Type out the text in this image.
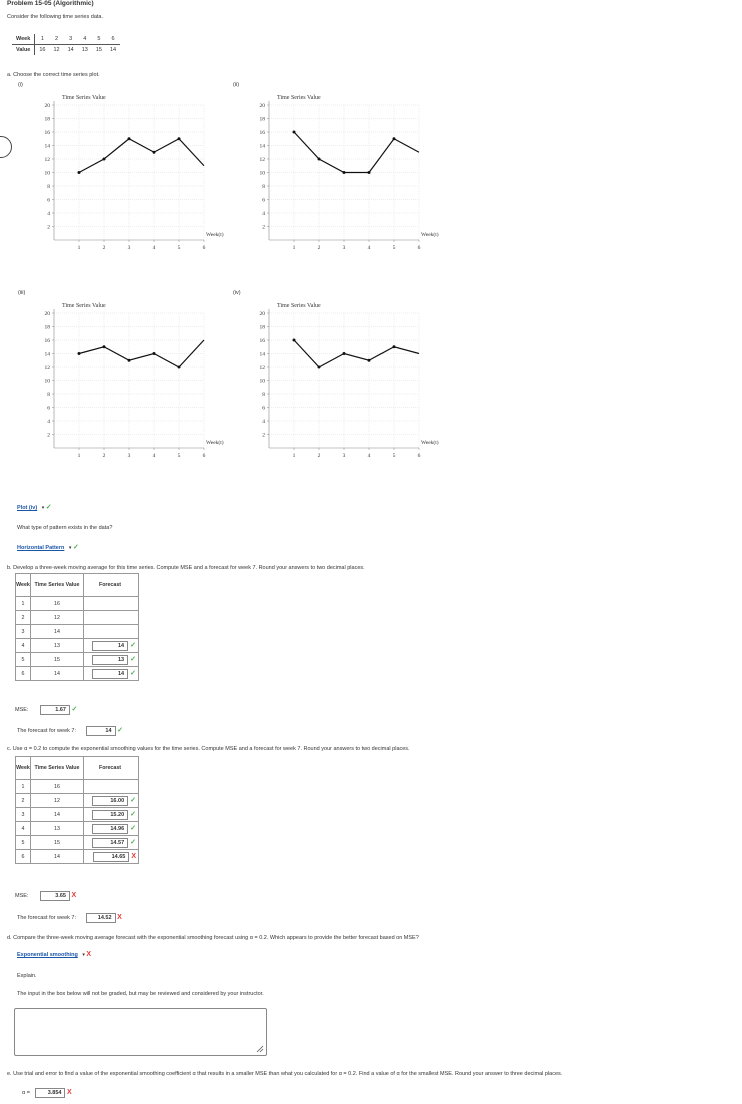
Problem 15-05 (Algorithmic)
Consider the following time series data.
Week	1	2	3	4	5	6
Value	16	12	14	13	15	14
a. Choose the correct time series plot.
(i)	(ii)
(iii)	(iv)
2
4
6
8
10
12
14
16
18
20
1	2	3	4	5	6
Time Series Value
Week(t)
2
4
6
8
10
12
14
16
18
20
1	2	3	4	5	6
Time Series Value
Week(t)
2
4
6
8
10
12
14
16
18
20
1	2	3	4	5	6
Time Series Value
Week(t)
2
4
6
8
10
12
14
16
18
20
1	2	3	4	5	6
Time Series Value
Week(t)
Plot (iv) ▾ ✓
What type of pattern exists in the data?
Horizontal Pattern ▾ ✓
b. Develop a three-week moving average for this time series. Compute MSE and a forecast for week 7. Round your answers to two decimal places.
Week	Time Series Value	Forecast
1	16	
2	12	
3	14	
4	13	14 ✓
5	15	13 ✓
6	14	14 ✓
MSE:	1.67 ✓
The forecast for week 7:	14 ✓
c. Use α = 0.2 to compute the exponential smoothing values for the time series. Compute MSE and a forecast for week 7. Round your answers to two decimal places.
Week	Time Series Value	Forecast
1	16	
2	12	16.00 ✓
3	14	15.20 ✓
4	13	14.96 ✓
5	15	14.57 ✓
6	14	14.65 X
MSE:	3.65 X
The forecast for week 7:	14.52 X
d. Compare the three-week moving average forecast with the exponential smoothing forecast using α = 0.2. Which appears to provide the better forecast based on MSE?
Exponential smoothing ▾ X
Explain.
The input in the box below will not be graded, but may be reviewed and considered by your instructor.
e. Use trial and error to find a value of the exponential smoothing coefficient α that results in a smaller MSE than what you calculated for α = 0.2. Find a value of α for the smallest MSE. Round your answer to three decimal places.
α =	3.854 X
